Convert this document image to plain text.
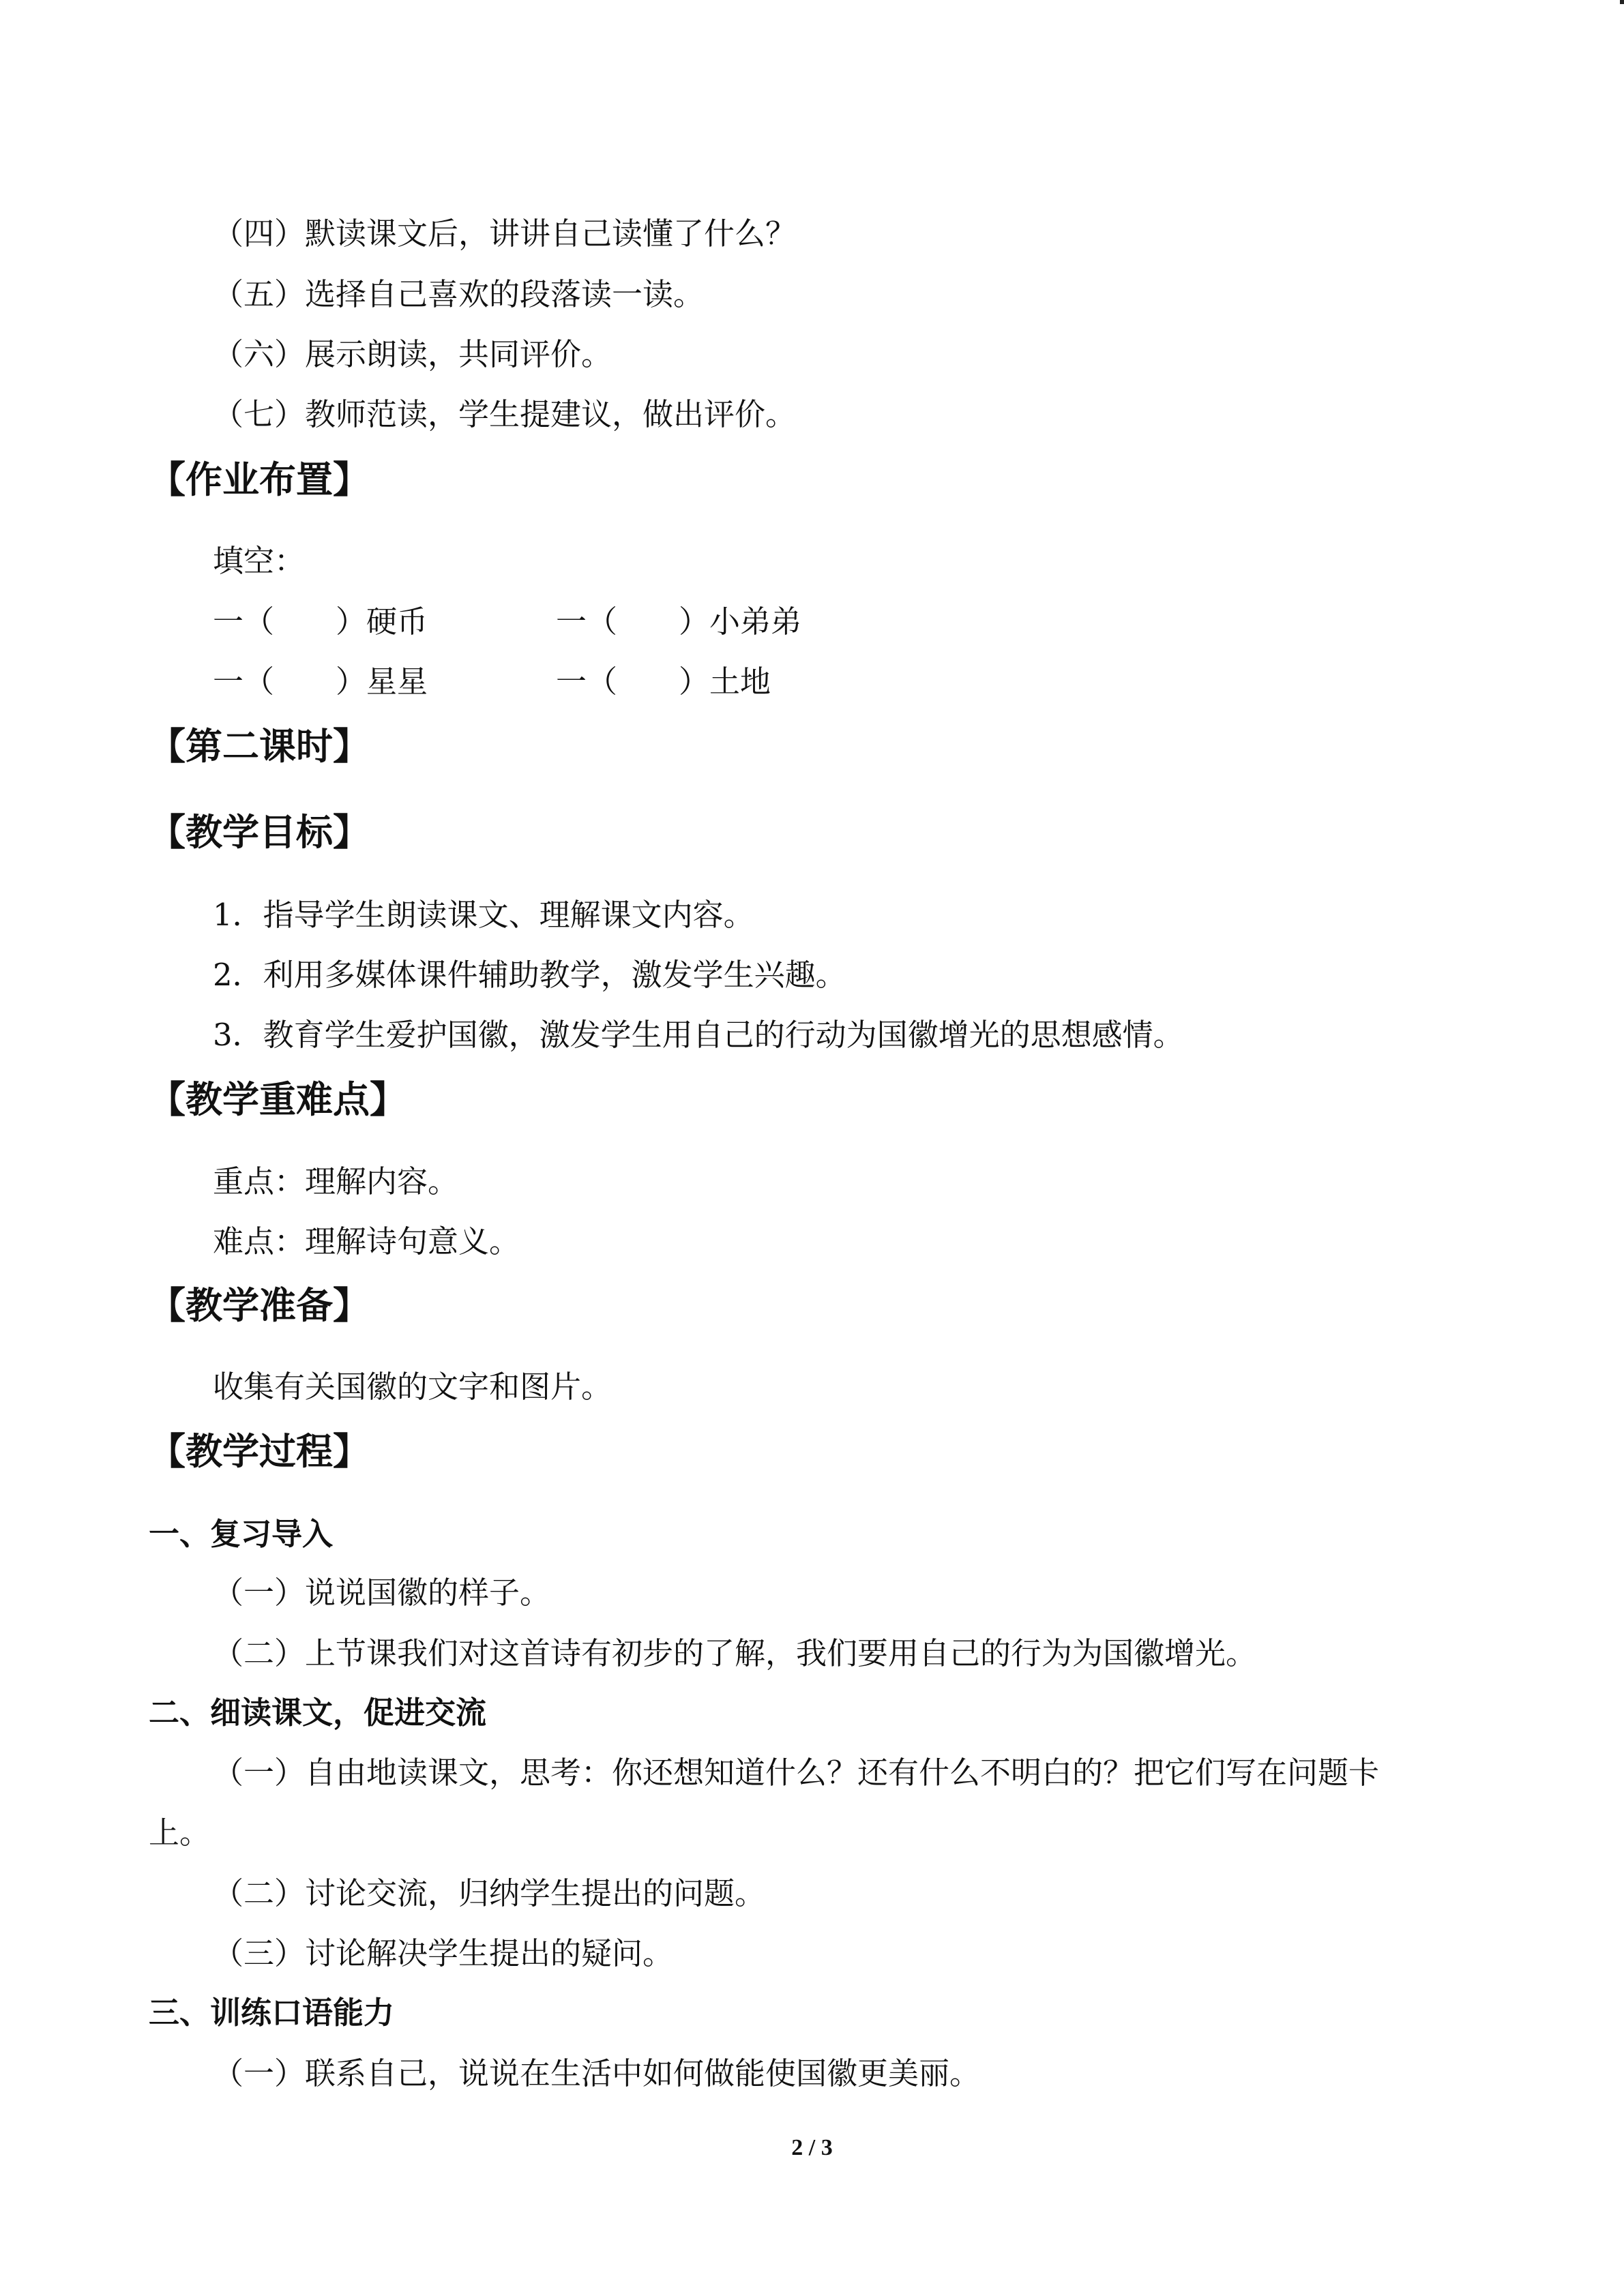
（四）默读课文后，讲讲自己读懂了什么？
（五）选择自己喜欢的段落读一读。
（六）展示朗读，共同评价。
（七）教师范读，学生提建议，做出评价。
【作业布置】
填空：
一（　　）硬币	一（　　）小弟弟
一（　　）星星	一（　　）土地
【第二课时】
【教学目标】
1．指导学生朗读课文、理解课文内容。
2．利用多媒体课件辅助教学，激发学生兴趣。
3．教育学生爱护国徽，激发学生用自己的行动为国徽增光的思想感情。
【教学重难点】
重点：理解内容。
难点：理解诗句意义。
【教学准备】
收集有关国徽的文字和图片。
【教学过程】
一、复习导入
（一）说说国徽的样子。
（二）上节课我们对这首诗有初步的了解，我们要用自己的行为为国徽增光。
二、细读课文，促进交流
（一）自由地读课文，思考：你还想知道什么？还有什么不明白的？把它们写在问题卡
上。
（二）讨论交流，归纳学生提出的问题。
（三）讨论解决学生提出的疑问。
三、训练口语能力
（一）联系自己，说说在生活中如何做能使国徽更美丽。
2 / 3
